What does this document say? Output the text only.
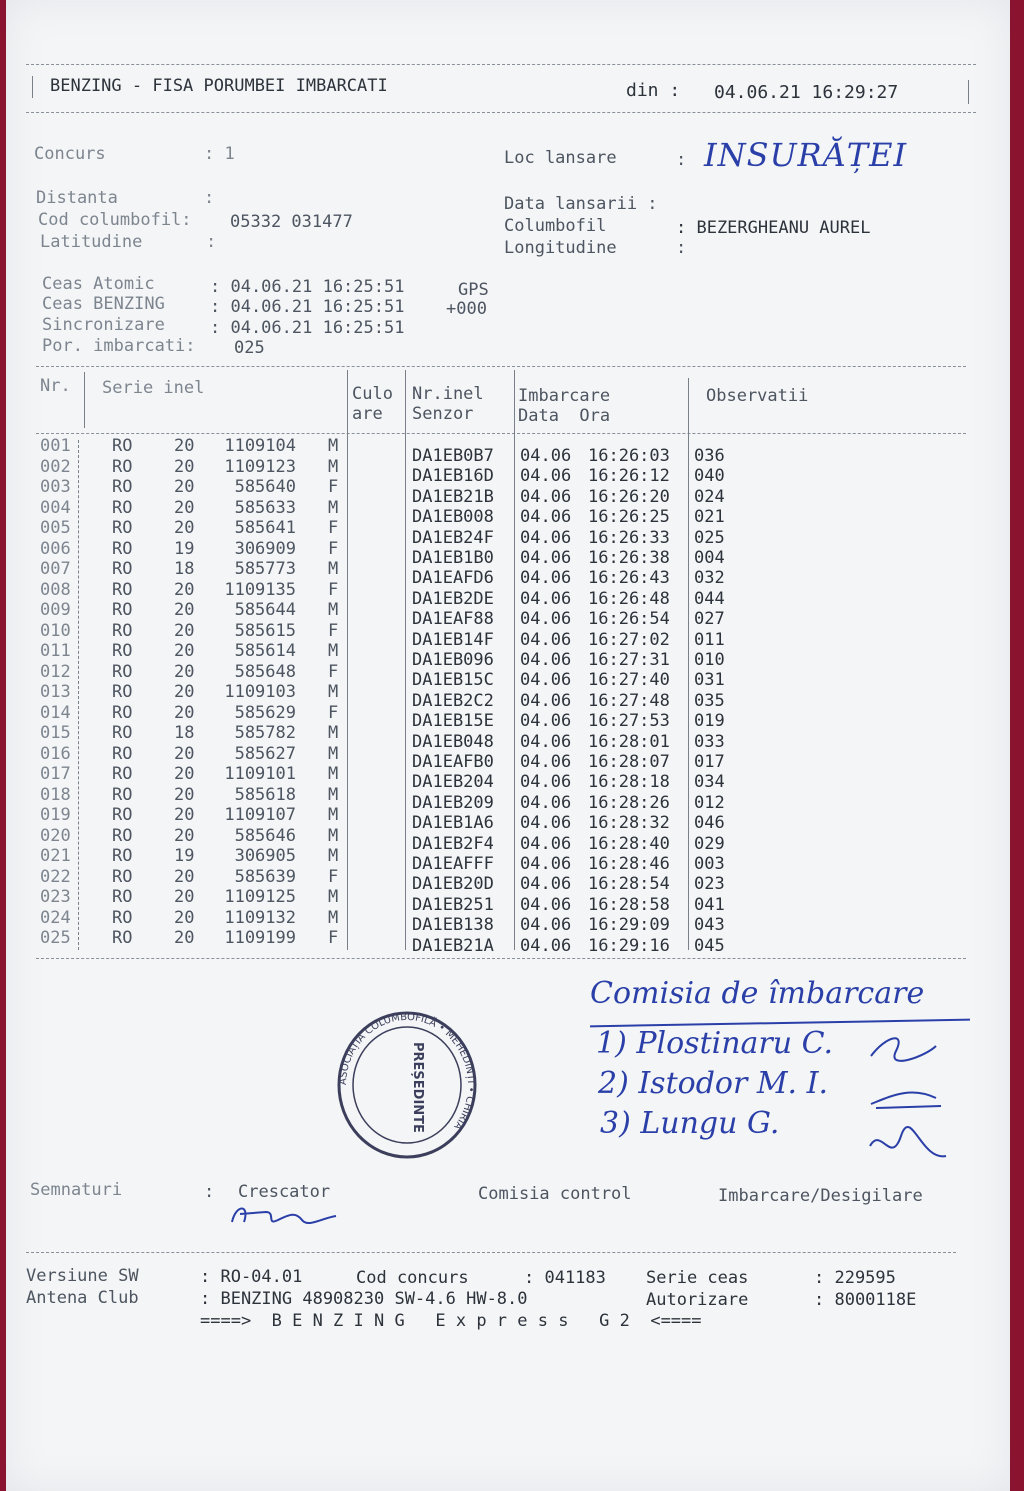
BENZING - FISA PORUMBEI IMBARCATI	din : 04.06.21 16:29:27
Concurs	: 1	Loc lansare	: INSURĂȚEI
Distanta	:
Cod columbofil: 05332 031477
Latitudine	:
Data lansarii :
Columbofil	: BEZERGHEANU AUREL
Longitudine	:
Ceas Atomic	: 04.06.21 16:25:51	GPS
Ceas BENZING	: 04.06.21 16:25:51 +000
Sincronizare	: 04.06.21 16:25:51
Por. imbarcati: 025
Nr. Serie inel	Culo
are
Nr.inel
Senzor
Imbarcare
Data  Ora
Observatii
001 RO 20 1109104 M	DA1EB0B7 04.06 16:26:03 036
002 RO 20 1109123 M	DA1EB16D 04.06 16:26:12 040
003 RO 20 585640 F	DA1EB21B 04.06 16:26:20 024
004 RO 20 585633 M	DA1EB008 04.06 16:26:25 021
005 RO 20 585641 F	DA1EB24F 04.06 16:26:33 025
006 RO 19 306909 F	DA1EB1B0 04.06 16:26:38 004
007 RO 18 585773 M	DA1EAFD6 04.06 16:26:43 032
008 RO 20 1109135 F	DA1EB2DE 04.06 16:26:48 044
009 RO 20 585644 M	DA1EAF88 04.06 16:26:54 027
010 RO 20 585615 F	DA1EB14F 04.06 16:27:02 011
011 RO 20 585614 M	DA1EB096 04.06 16:27:31 010
012 RO 20 585648 F	DA1EB15C 04.06 16:27:40 031
013 RO 20 1109103 M	DA1EB2C2 04.06 16:27:48 035
014 RO 20 585629 F	DA1EB15E 04.06 16:27:53 019
015 RO 18 585782 M	DA1EB048 04.06 16:28:01 033
016 RO 20 585627 M	DA1EAFB0 04.06 16:28:07 017
017 RO 20 1109101 M	DA1EB204 04.06 16:28:18 034
018 RO 20 585618 M	DA1EB209 04.06 16:28:26 012
019 RO 20 1109107 M	DA1EB1A6 04.06 16:28:32 046
020 RO 20 585646 M	DA1EB2F4 04.06 16:28:40 029
021 RO 19 306905 M	DA1EAFFF 04.06 16:28:46 003
022 RO 20 585639 F	DA1EB20D 04.06 16:28:54 023
023 RO 20 1109125 M	DA1EB251 04.06 16:28:58 041
024 RO 20 1109132 M	DA1EB138 04.06 16:29:09 043
025 RO 20 1109199 F	DA1EB21A 04.06 16:29:16 045
Comisia de îmbarcare
1) Plostinaru C.
2) Istodor M. I.
3) Lungu G.
ASOCIAȚIA COLUMBOFILĂ • MEHEDINȚI • CHIRIA
PREȘEDINTE
Semnaturi	: Crescator	Comisia control	Imbarcare/Desigilare
Versiune SW	: RO-04.01	Cod concurs	: 041183 Serie ceas	: 229595
Antena Club	: BENZING 48908230 SW-4.6 HW-8.0	Autorizare	: 8000118E
====>  B E N Z I N G   E x p r e s s   G 2  <====
